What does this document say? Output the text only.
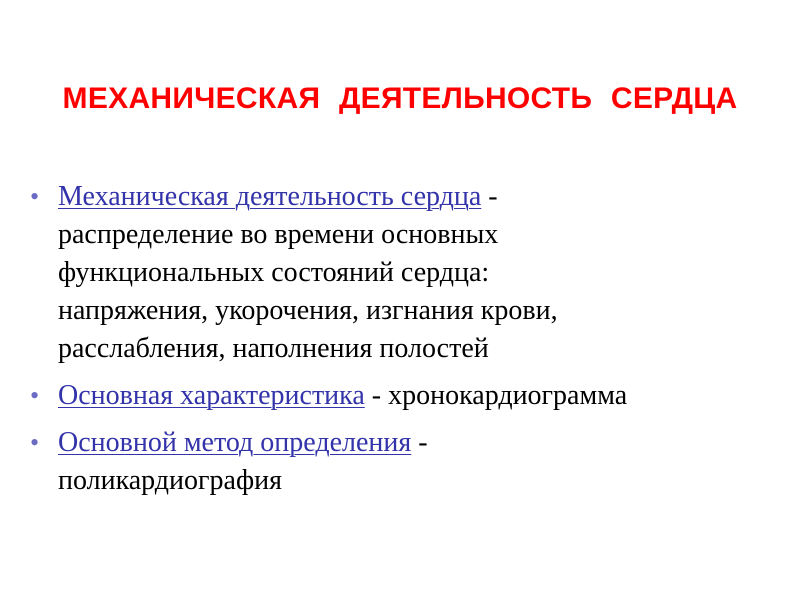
МЕХАНИЧЕСКАЯ ДЕЯТЕЛЬНОСТЬ СЕРДЦА
• Механическая деятельность сердца -
распределение во времени основных
функциональных состояний сердца:
напряжения, укорочения, изгнания крови,
расслабления, наполнения полостей
• Основная характеристика - хронокардиограмма
• Основной метод определения -
поликардиография
